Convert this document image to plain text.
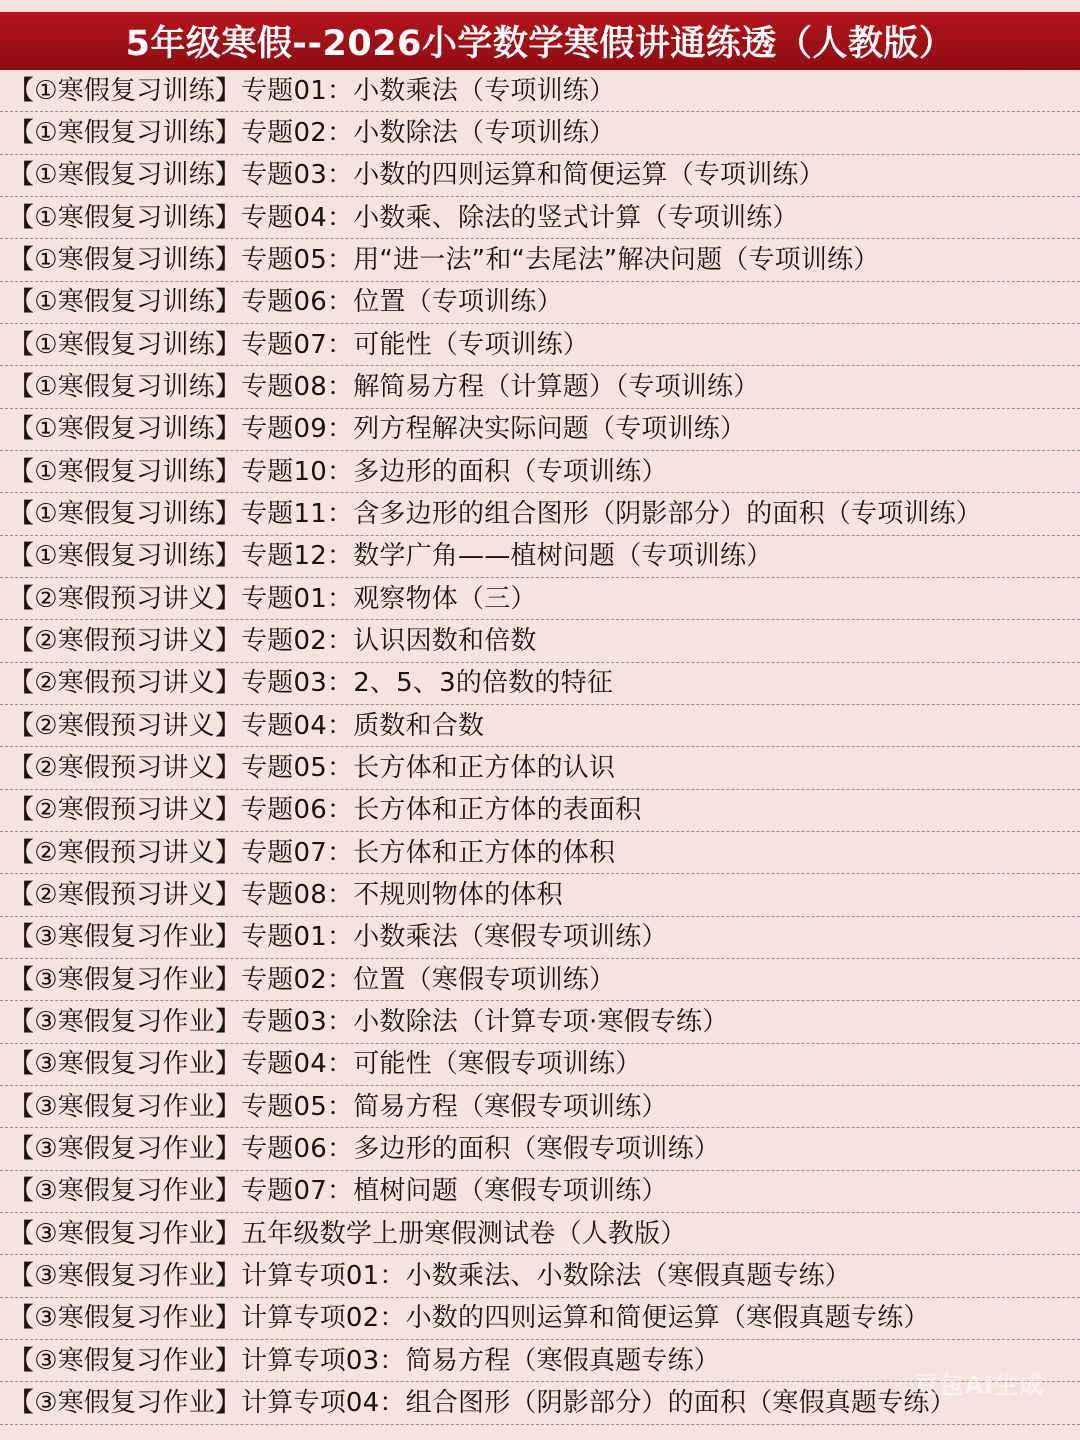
5年级寒假--2026小学数学寒假讲通练透（人教版）
【①寒假复习训练】专题01：小数乘法（专项训练）
【①寒假复习训练】专题02：小数除法（专项训练）
【①寒假复习训练】专题03：小数的四则运算和简便运算（专项训练）
【①寒假复习训练】专题04：小数乘、除法的竖式计算（专项训练）
【①寒假复习训练】专题05：用“进一法”和“去尾法”解决问题（专项训练）
【①寒假复习训练】专题06：位置（专项训练）
【①寒假复习训练】专题07：可能性（专项训练）
【①寒假复习训练】专题08：解简易方程（计算题）（专项训练）
【①寒假复习训练】专题09：列方程解决实际问题（专项训练）
【①寒假复习训练】专题10：多边形的面积（专项训练）
【①寒假复习训练】专题11：含多边形的组合图形（阴影部分）的面积（专项训练）
【①寒假复习训练】专题12：数学广角——植树问题（专项训练）
【②寒假预习讲义】专题01：观察物体（三）
【②寒假预习讲义】专题02：认识因数和倍数
【②寒假预习讲义】专题03：2、5、3的倍数的特征
【②寒假预习讲义】专题04：质数和合数
【②寒假预习讲义】专题05：长方体和正方体的认识
【②寒假预习讲义】专题06：长方体和正方体的表面积
【②寒假预习讲义】专题07：长方体和正方体的体积
【②寒假预习讲义】专题08：不规则物体的体积
【③寒假复习作业】专题01：小数乘法（寒假专项训练）
【③寒假复习作业】专题02：位置（寒假专项训练）
【③寒假复习作业】专题03：小数除法（计算专项·寒假专练）
【③寒假复习作业】专题04：可能性（寒假专项训练）
【③寒假复习作业】专题05：简易方程（寒假专项训练）
【③寒假复习作业】专题06：多边形的面积（寒假专项训练）
【③寒假复习作业】专题07：植树问题（寒假专项训练）
【③寒假复习作业】五年级数学上册寒假测试卷（人教版）
【③寒假复习作业】计算专项01：小数乘法、小数除法（寒假真题专练）
【③寒假复习作业】计算专项02：小数的四则运算和简便运算（寒假真题专练）
【③寒假复习作业】计算专项03：简易方程（寒假真题专练）
【③寒假复习作业】计算专项04：组合图形（阴影部分）的面积（寒假真题专练）
豆包AI生成
